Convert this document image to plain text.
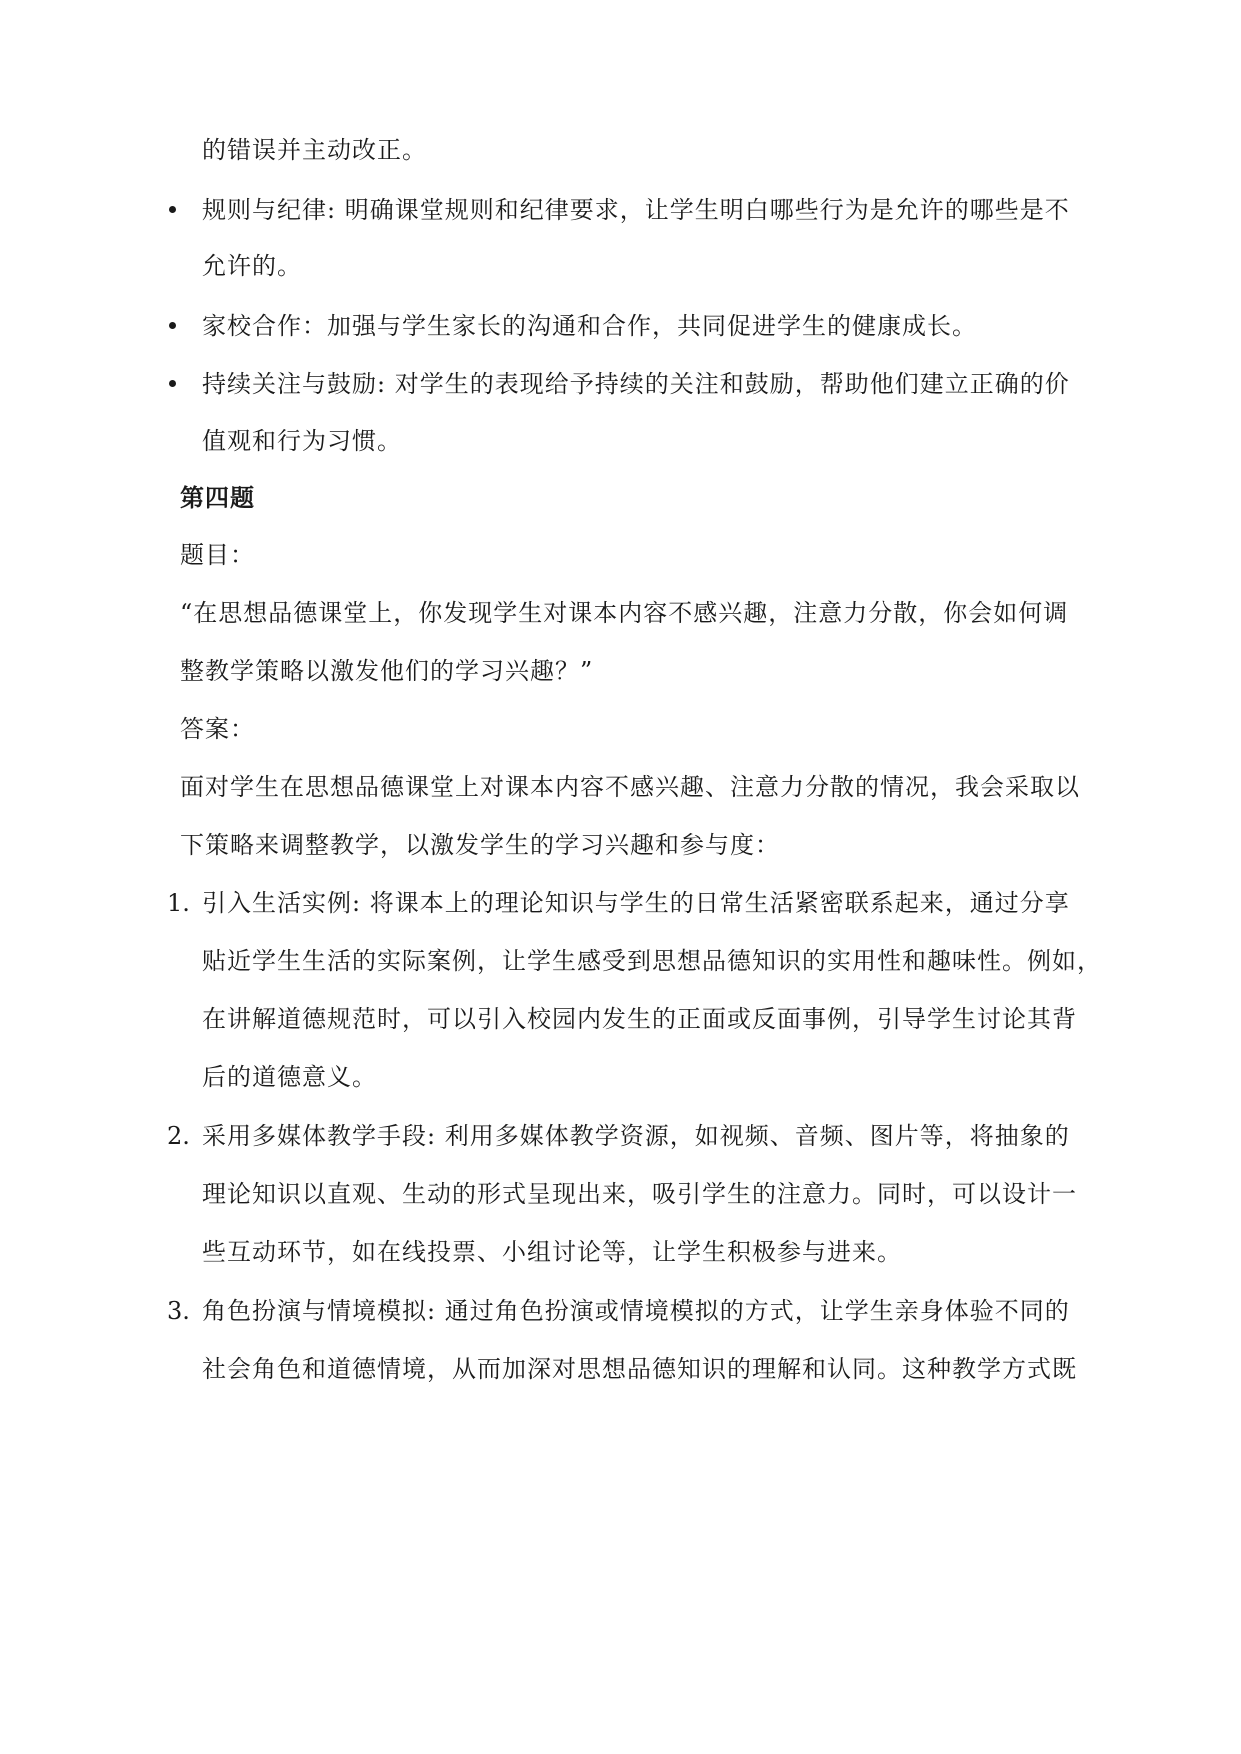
的错误并主动改正。
规则与纪律: 明确课堂规则和纪律要求，让学生明白哪些行为是允许的哪些是不
允许的。
家校合作：加强与学生家长的沟通和合作，共同促进学生的健康成长。
持续关注与鼓励: 对学生的表现给予持续的关注和鼓励，帮助他们建立正确的价
值观和行为习惯。
第四题
题目：
“在思想品德课堂上，你发现学生对课本内容不感兴趣，注意力分散，你会如何调
整教学策略以激发他们的学习兴趣？”
答案：
面对学生在思想品德课堂上对课本内容不感兴趣、注意力分散的情况，我会采取以
下策略来调整教学，以激发学生的学习兴趣和参与度：
1. 引入生活实例: 将课本上的理论知识与学生的日常生活紧密联系起来，通过分享
贴近学生生活的实际案例，让学生感受到思想品德知识的实用性和趣味性。例如，
在讲解道德规范时，可以引入校园内发生的正面或反面事例，引导学生讨论其背
后的道德意义。
2. 采用多媒体教学手段: 利用多媒体教学资源，如视频、音频、图片等，将抽象的
理论知识以直观、生动的形式呈现出来，吸引学生的注意力。同时，可以设计一
些互动环节，如在线投票、小组讨论等，让学生积极参与进来。
3. 角色扮演与情境模拟: 通过角色扮演或情境模拟的方式，让学生亲身体验不同的
社会角色和道德情境，从而加深对思想品德知识的理解和认同。这种教学方式既
